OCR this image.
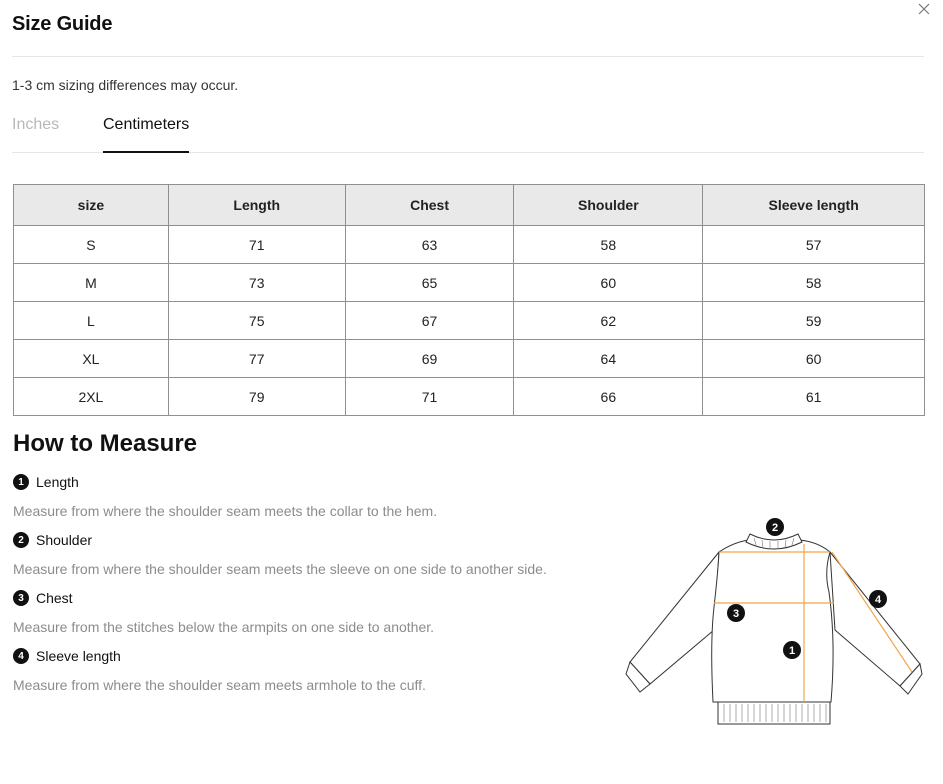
Size Guide
1-3 cm sizing differences may occur.
Inches	Centimeters
size	Length	Chest	Shoulder	Sleeve length
S	71	63	58	57
M	73	65	60	58
L	75	67	62	59
XL	77	69	64	60
2XL	79	71	66	61
How to Measure
1 Length
Measure from where the shoulder seam meets the collar to the hem.
2 Shoulder
Measure from where the shoulder seam meets the sleeve on one side to another side.
3 Chest
Measure from the stitches below the armpits on one side to another.
4 Sleeve length
Measure from where the shoulder seam meets armhole to the cuff.
2
3
4
1
